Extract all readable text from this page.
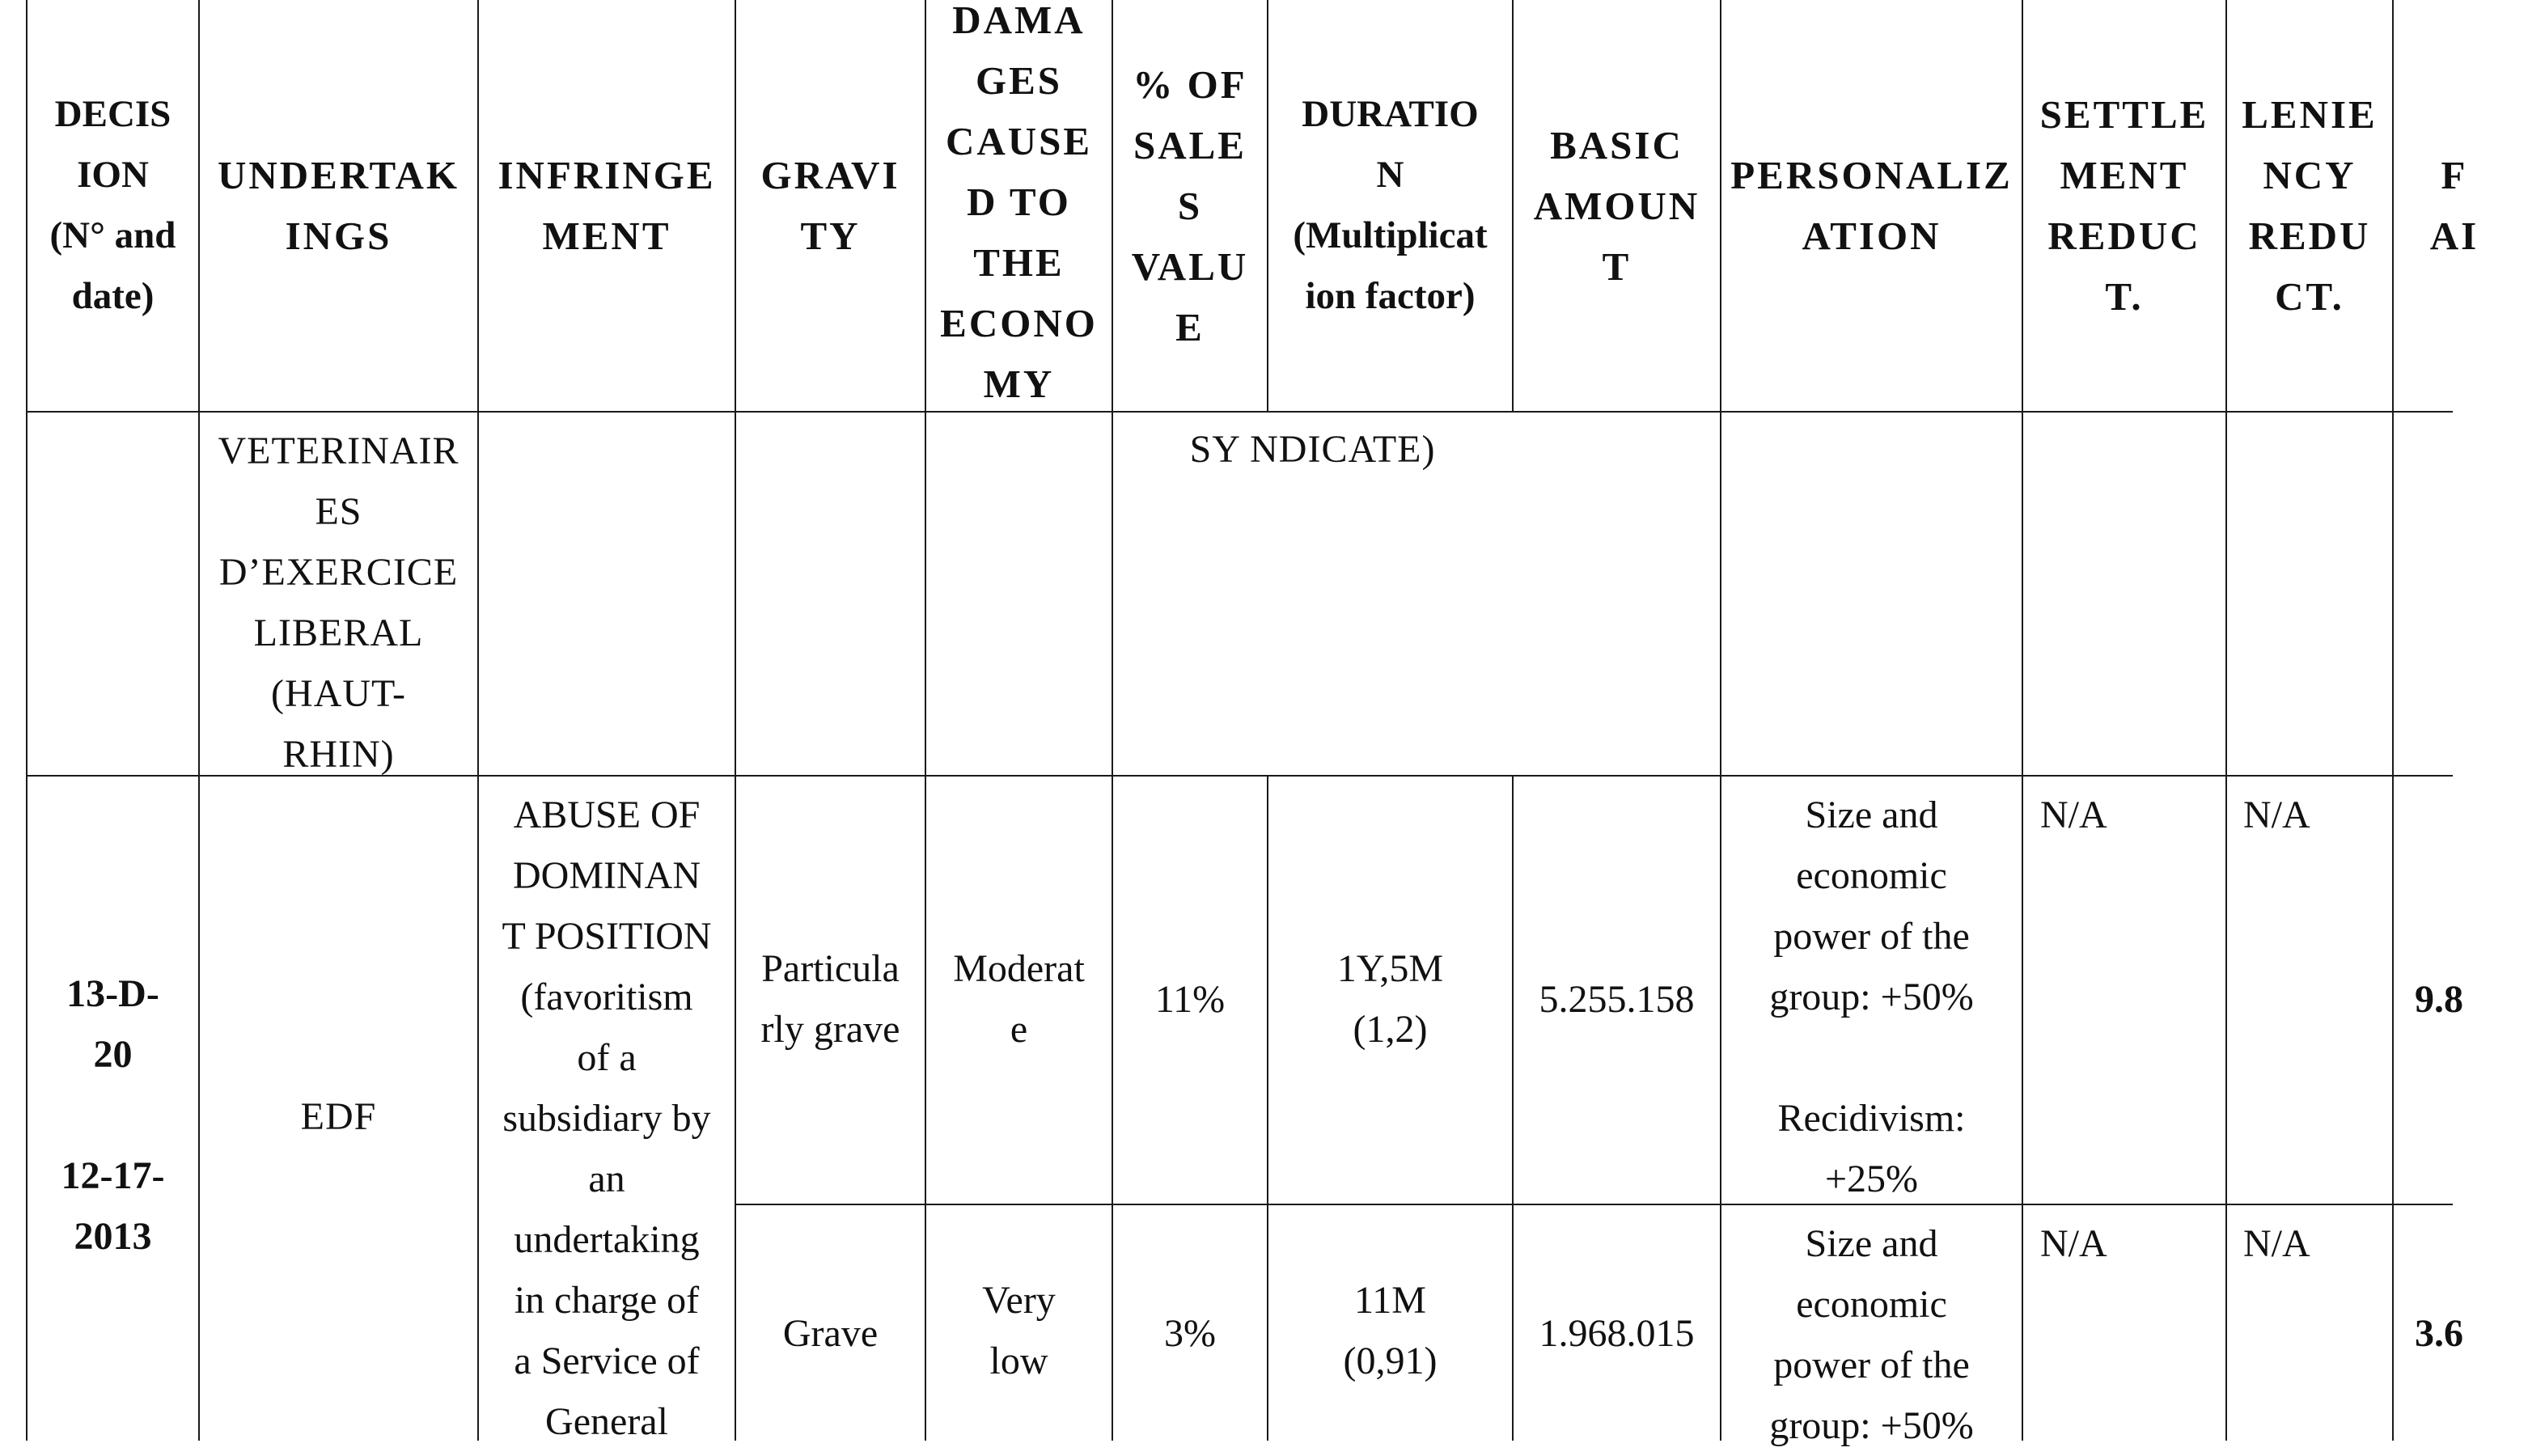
DECIS
ION
(N° and
date)
UNDERTAK
INGS
INFRINGE
MENT
GRAVI
TY
DAMA
GES
CAUSE
D TO
THE
ECONO
MY
% OF
SALE
S
VALU
E
DURATIO
N
(Multiplicat
ion factor)
BASIC
AMOUN
T
PERSONALIZ
ATION
SETTLE
MENT
REDUC
T.
LENIE
NCY
REDU
CT.
F
AI
VETERINAIR
ES
D’EXERCICE
LIBERAL
(HAUT-
RHIN)
SY NDICATE)
13-D-
20
12-17-
2013
EDF
ABUSE OF
DOMINAN
T POSITION
(favoritism
of a
subsidiary by
an
undertaking
in charge of
a Service of
General
Particula
rly grave
Moderat
e
11%
1Y,5M
(1,2)
5.255.158
Size and
economic
power of the
group: +50%

Recidivism:
+25%
N/A	N/A
9.8
Grave
Very
low
3%
11M
(0,91)
1.968.015
Size and
economic
power of the
group: +50%
N/A	N/A
3.6
